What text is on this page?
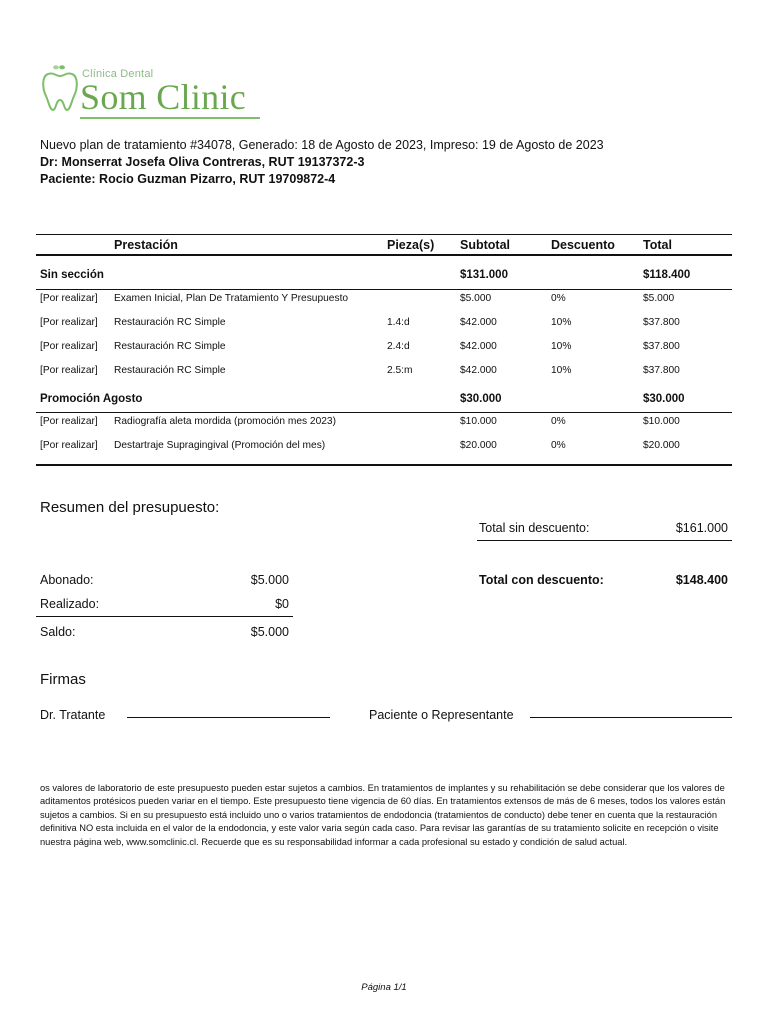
Clínica Dental
Som Clinic
Nuevo plan de tratamiento #34078, Generado: 18 de Agosto de 2023, Impreso: 19 de Agosto de 2023
Dr: Monserrat Josefa Oliva Contreras, RUT 19137372-3
Paciente: Rocio Guzman Pizarro, RUT 19709872-4
Prestación	Pieza(s) Subtotal	Descuento Total
Sin sección	$131.000	$118.400
[Por realizar] Examen Inicial, Plan De Tratamiento Y Presupuesto	$5.000	0%	$5.000
[Por realizar] Restauración RC Simple	1.4:d	$42.000	10%	$37.800
[Por realizar] Restauración RC Simple	2.4:d	$42.000	10%	$37.800
[Por realizar] Restauración RC Simple	2.5:m	$42.000	10%	$37.800
Promoción Agosto	$30.000	$30.000
[Por realizar] Radiografía aleta mordida (promoción mes 2023)	$10.000	0%	$10.000
[Por realizar] Destartraje Supragingival (Promoción del mes)	$20.000	0%	$20.000
Resumen del presupuesto:
Total sin descuento:	$161.000
Total con descuento:	$148.400
Abonado:	$5.000
Realizado:	$0
Saldo:	$5.000
Firmas
Dr. Tratante	Paciente o Representante
os valores de laboratorio de este presupuesto pueden estar sujetos a cambios. En tratamientos de implantes y su rehabilitación se debe considerar que los valores de aditamentos protésicos pueden variar en el tiempo. Este presupuesto tiene vigencia de 60 días. En tratamientos extensos de más de 6 meses, todos los valores están sujetos a cambios. Si en su presupuesto está incluido uno o varios tratamientos de endodoncia (tratamientos de conducto) debe tener en cuenta que la restauración definitiva NO esta incluida en el valor de la endodoncia, y este valor varia según cada caso. Para revisar las garantías de su tratamiento solicite en recepción o visite nuestra página web, www.somclinic.cl. Recuerde que es su responsabilidad informar a cada profesional su estado y condición de salud actual.
Página 1/1
